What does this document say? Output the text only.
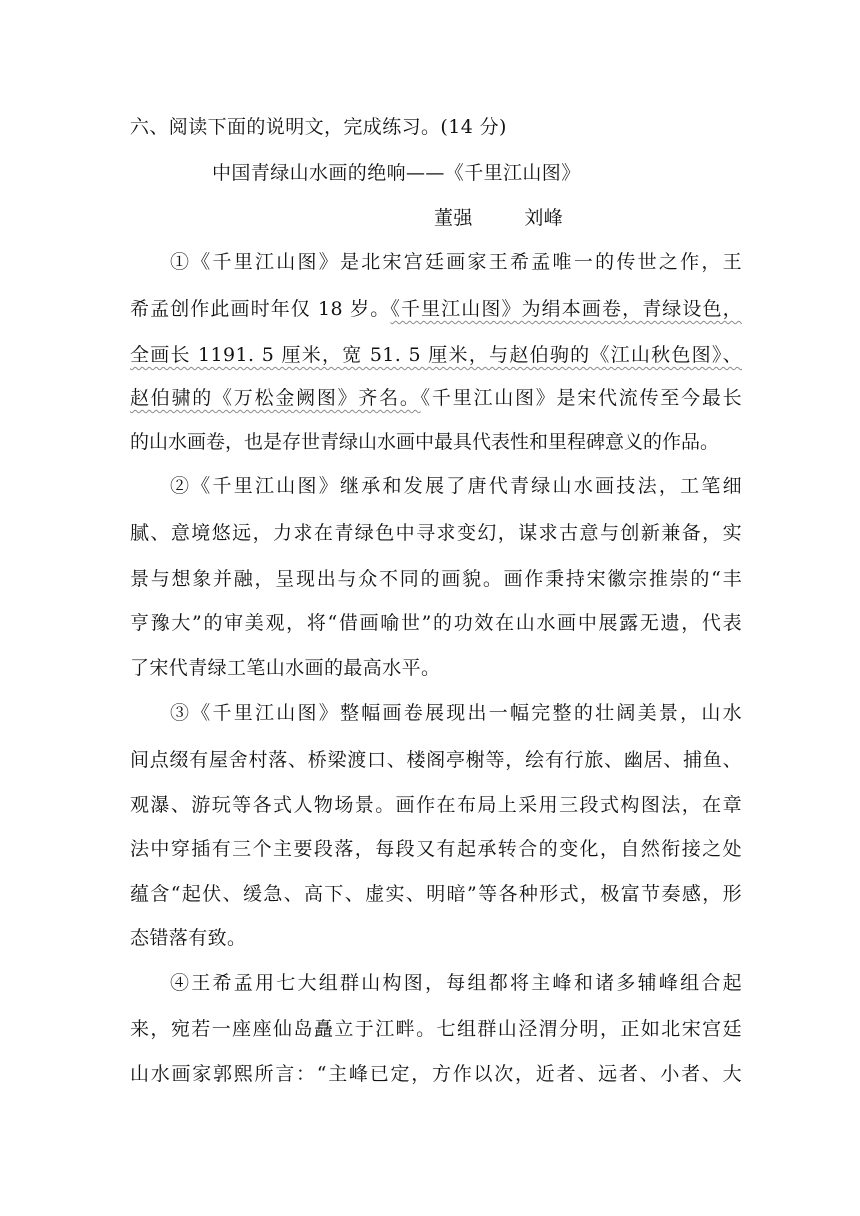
六、阅读下面的说明文，完成练习。(14 分)
中国青绿山水画的绝响——《千里江山图》
董强        刘峰
①《千里江山图》是北宋宫廷画家王希孟唯一的传世之作，王
希孟创作此画时年仅 18 岁。《千里江山图》为绢本画卷，青绿设色，
全画长 1191. 5 厘米，宽 51. 5 厘米，与赵伯驹的《江山秋色图》、
赵伯骕的《万松金阙图》齐名。《千里江山图》是宋代流传至今最长
的山水画卷，也是存世青绿山水画中最具代表性和里程碑意义的作品。
②《千里江山图》继承和发展了唐代青绿山水画技法，工笔细
腻、意境悠远，力求在青绿色中寻求变幻，谋求古意与创新兼备，实
景与想象并融，呈现出与众不同的画貌。画作秉持宋徽宗推崇的“丰
亨豫大”的审美观，将“借画喻世”的功效在山水画中展露无遗，代表
了宋代青绿工笔山水画的最高水平。
③《千里江山图》整幅画卷展现出一幅完整的壮阔美景，山水
间点缀有屋舍村落、桥梁渡口、楼阁亭榭等，绘有行旅、幽居、捕鱼、
观瀑、游玩等各式人物场景。画作在布局上采用三段式构图法，在章
法中穿插有三个主要段落，每段又有起承转合的变化，自然衔接之处
蕴含“起伏、缓急、高下、虚实、明暗”等各种形式，极富节奏感，形
态错落有致。
④王希孟用七大组群山构图，每组都将主峰和诸多辅峰组合起
来，宛若一座座仙岛矗立于江畔。七组群山泾渭分明，正如北宋宫廷
山水画家郭熙所言：“主峰已定，方作以次，近者、远者、小者、大
